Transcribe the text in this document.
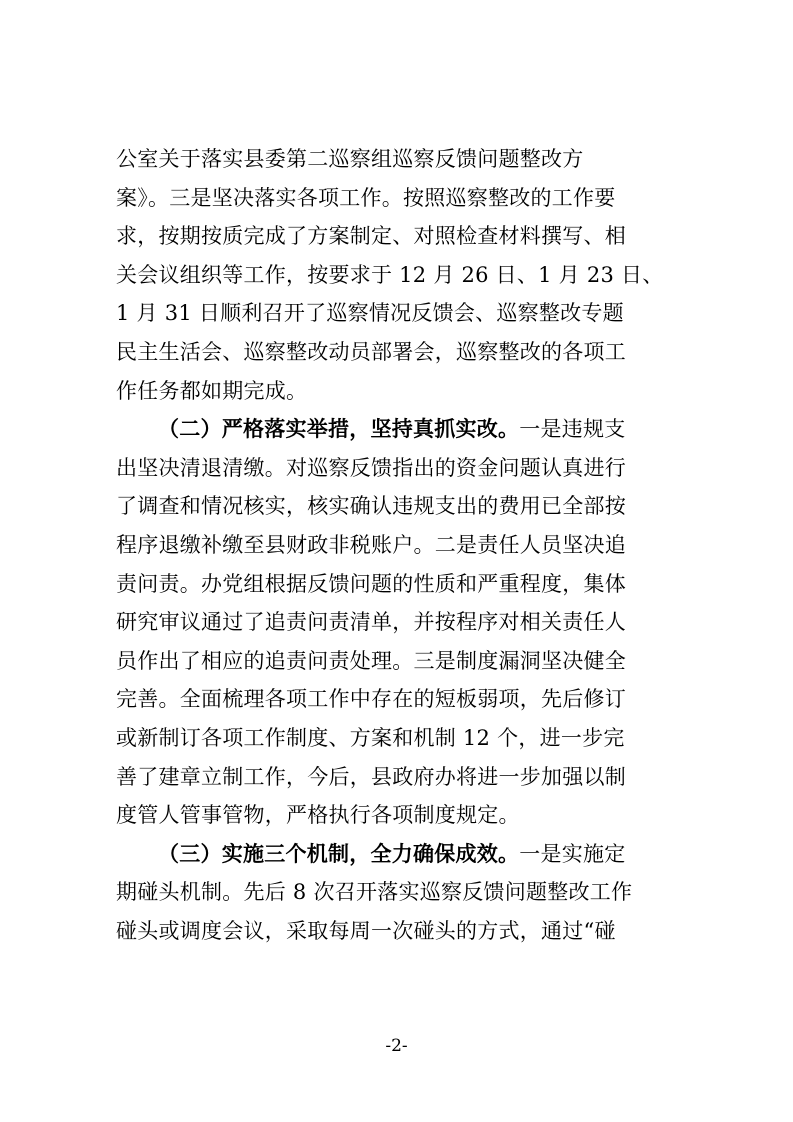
公室关于落实县委第二巡察组巡察反馈问题整改方
案》。三是坚决落实各项工作。按照巡察整改的工作要
求，按期按质完成了方案制定、对照检查材料撰写、相
关会议组织等工作，按要求于 12 月 26 日、1 月 23 日、
1 月 31 日顺利召开了巡察情况反馈会、巡察整改专题
民主生活会、巡察整改动员部署会，巡察整改的各项工
作任务都如期完成。
（二）严格落实举措，坚持真抓实改。一是违规支
出坚决清退清缴。对巡察反馈指出的资金问题认真进行
了调查和情况核实，核实确认违规支出的费用已全部按
程序退缴补缴至县财政非税账户。二是责任人员坚决追
责问责。办党组根据反馈问题的性质和严重程度，集体
研究审议通过了追责问责清单，并按程序对相关责任人
员作出了相应的追责问责处理。三是制度漏洞坚决健全
完善。全面梳理各项工作中存在的短板弱项，先后修订
或新制订各项工作制度、方案和机制 12 个，进一步完
善了建章立制工作，今后，县政府办将进一步加强以制
度管人管事管物，严格执行各项制度规定。
（三）实施三个机制，全力确保成效。一是实施定
期碰头机制。先后 8 次召开落实巡察反馈问题整改工作
碰头或调度会议，采取每周一次碰头的方式，通过“碰
-2-
